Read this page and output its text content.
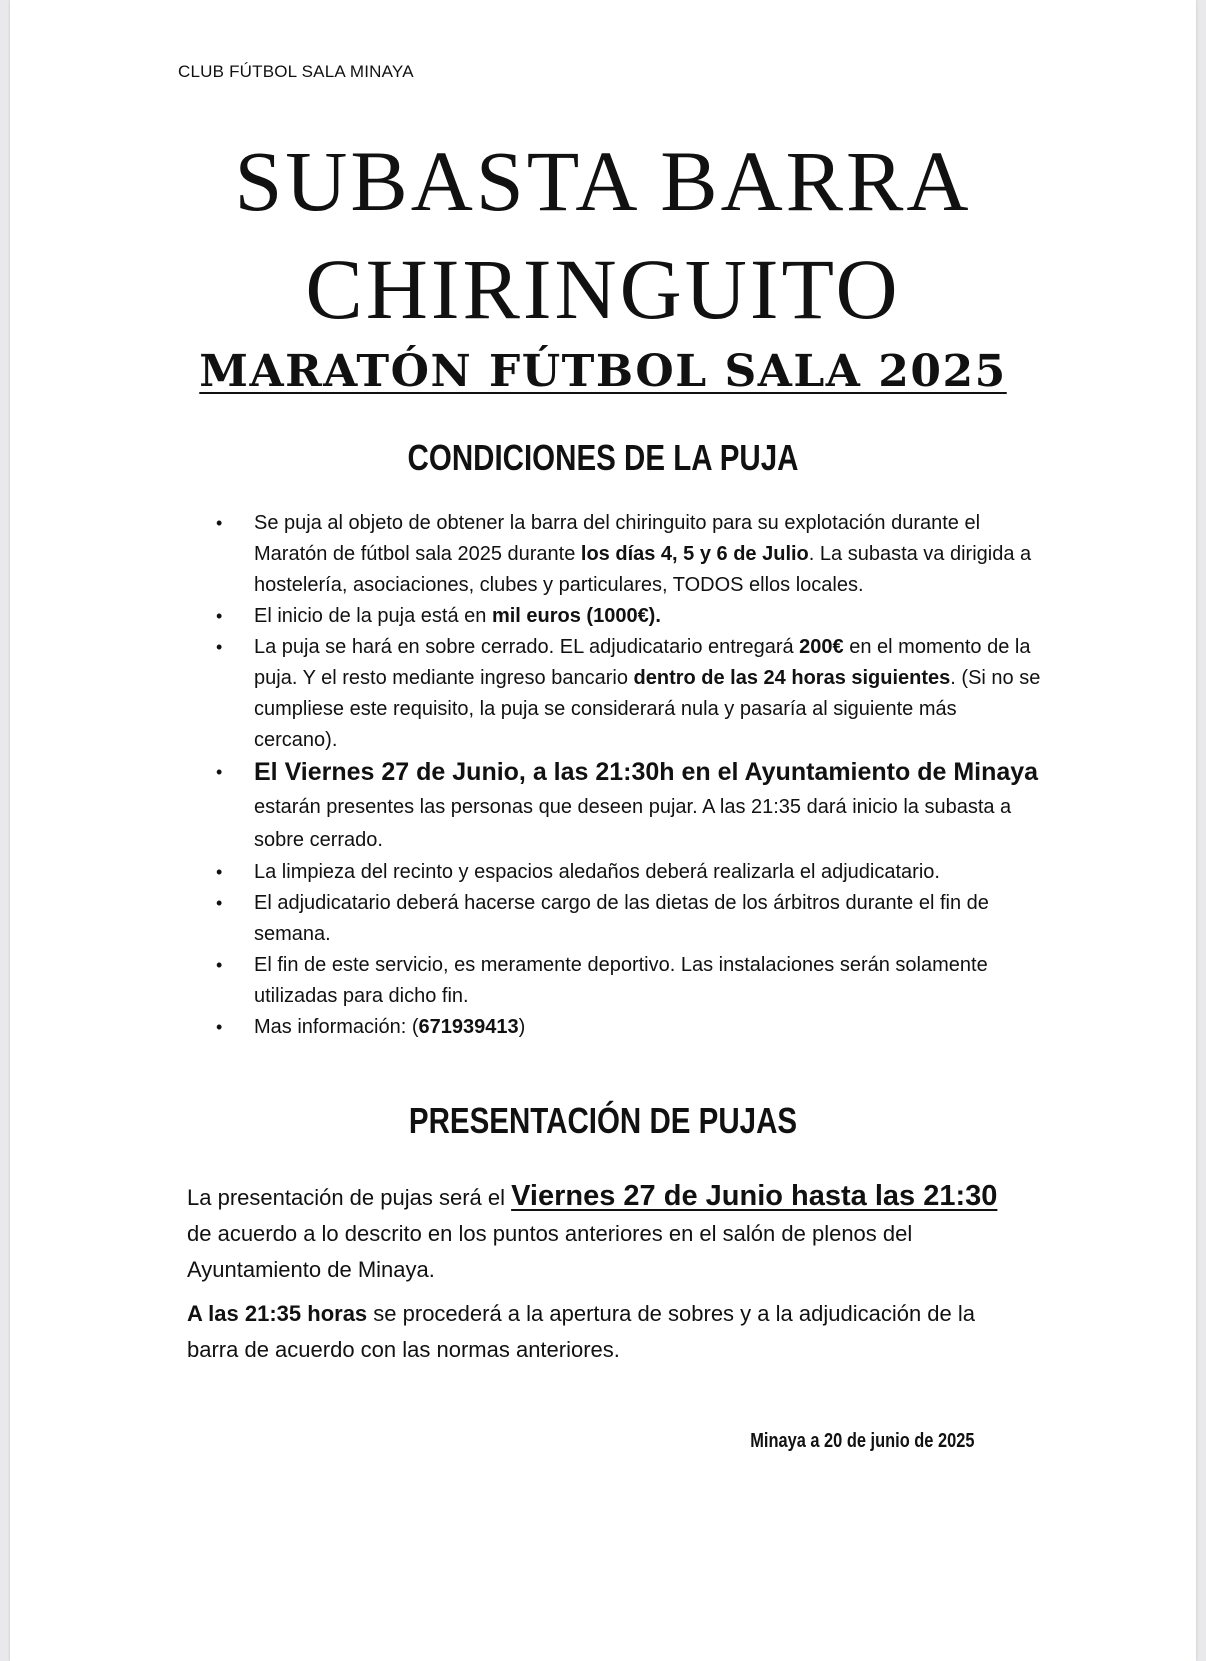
CLUB FÚTBOL SALA MINAYA
SUBASTA BARRA
CHIRINGUITO
MARATÓN FÚTBOL SALA 2025
CONDICIONES DE LA PUJA
• Se puja al objeto de obtener la barra del chiringuito para su explotación durante el Maratón de fútbol sala 2025 durante los días 4, 5 y 6 de Julio. La subasta va dirigida a hostelería, asociaciones, clubes y particulares, TODOS ellos locales.
• El inicio de la puja está en mil euros (1000€).
• La puja se hará en sobre cerrado. EL adjudicatario entregará 200€ en el momento de la puja. Y el resto mediante ingreso bancario dentro de las 24 horas siguientes. (Si no se cumpliese este requisito, la puja se considerará nula y pasaría al siguiente más cercano).
• El Viernes 27 de Junio, a las 21:30h en el Ayuntamiento de Minaya estarán presentes las personas que deseen pujar. A las 21:35 dará inicio la subasta a sobre cerrado.
• La limpieza del recinto y espacios aledaños deberá realizarla el adjudicatario.
• El adjudicatario deberá hacerse cargo de las dietas de los árbitros durante el fin de semana.
• El fin de este servicio, es meramente deportivo. Las instalaciones serán solamente utilizadas para dicho fin.
• Mas información: (671939413)
PRESENTACIÓN DE PUJAS
La presentación de pujas será el Viernes 27 de Junio hasta las 21:30 de acuerdo a lo descrito en los puntos anteriores en el salón de plenos del Ayuntamiento de Minaya.
A las 21:35 horas se procederá a la apertura de sobres y a la adjudicación de la barra de acuerdo con las normas anteriores.
Minaya a 20 de junio de 2025
